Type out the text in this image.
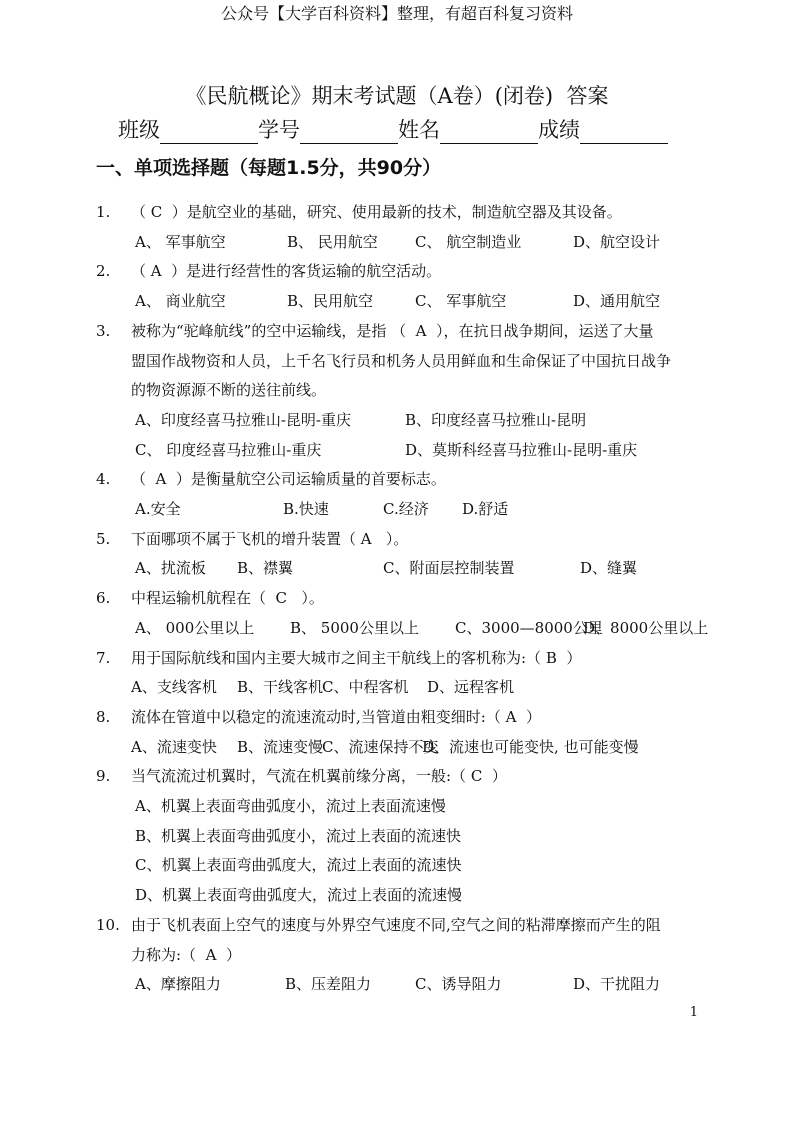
公众号【大学百科资料】整理，有超百科复习资料
《民航概论》期末考试题（A卷）(闭卷)  答案
班级	学号	姓名	成绩
一、单项选择题（每题1.5分，共90分）
1. （ C  ）是航空业的基础，研究、使用最新的技术，制造航空器及其设备。
A、 军事航空	B、 民用航空 C、 航空制造业	D、航空设计
2. （ A  ）是进行经营性的客货运输的航空活动。
A、 商业航空	B、民用航空	C、 军事航空	D、通用航空
3. 被称为“驼峰航线”的空中运输线，是指 （  A  ），在抗日战争期间，运送了大量
盟国作战物资和人员，上千名飞行员和机务人员用鲜血和生命保证了中国抗日战争
的物资源源不断的送往前线。
A、印度经喜马拉雅山-昆明-重庆	B、印度经喜马拉雅山-昆明
C、 印度经喜马拉雅山-重庆	D、莫斯科经喜马拉雅山-昆明-重庆
4. （  A  ）是衡量航空公司运输质量的首要标志。
A.安全	B.快速	C.经济 D.舒适
5. 下面哪项不属于飞机的增升装置（ A   ）。
A、扰流板 B、襟翼	C、附面层控制装置	D、缝翼
6. 中程运输机航程在（  C   ）。
A、 000公里以上 B、 5000公里以上 C、3000—8000公里
D、8000公里以上
7. 用于国际航线和国内主要大城市之间主干航线上的客机称为:（ B  ）
A、支线客机 B、干线客机
C、中程客机 D、远程客机
8. 流体在管道中以稳定的流速流动时,当管道由粗变细时:（ A  ）
A、流速变快 B、流速变慢
C、流速保持不变
D、流速也可能变快, 也可能变慢
9. 当气流流过机翼时，气流在机翼前缘分离，一般:（ C  ）
A、机翼上表面弯曲弧度小，流过上表面流速慢
B、机翼上表面弯曲弧度小，流过上表面的流速快
C、机翼上表面弯曲弧度大，流过上表面的流速快
D、机翼上表面弯曲弧度大，流过上表面的流速慢
10. 由于飞机表面上空气的速度与外界空气速度不同,空气之间的粘滞摩擦而产生的阻
力称为:（  A  ）
A、摩擦阻力	B、压差阻力	C、诱导阻力	D、干扰阻力
1
